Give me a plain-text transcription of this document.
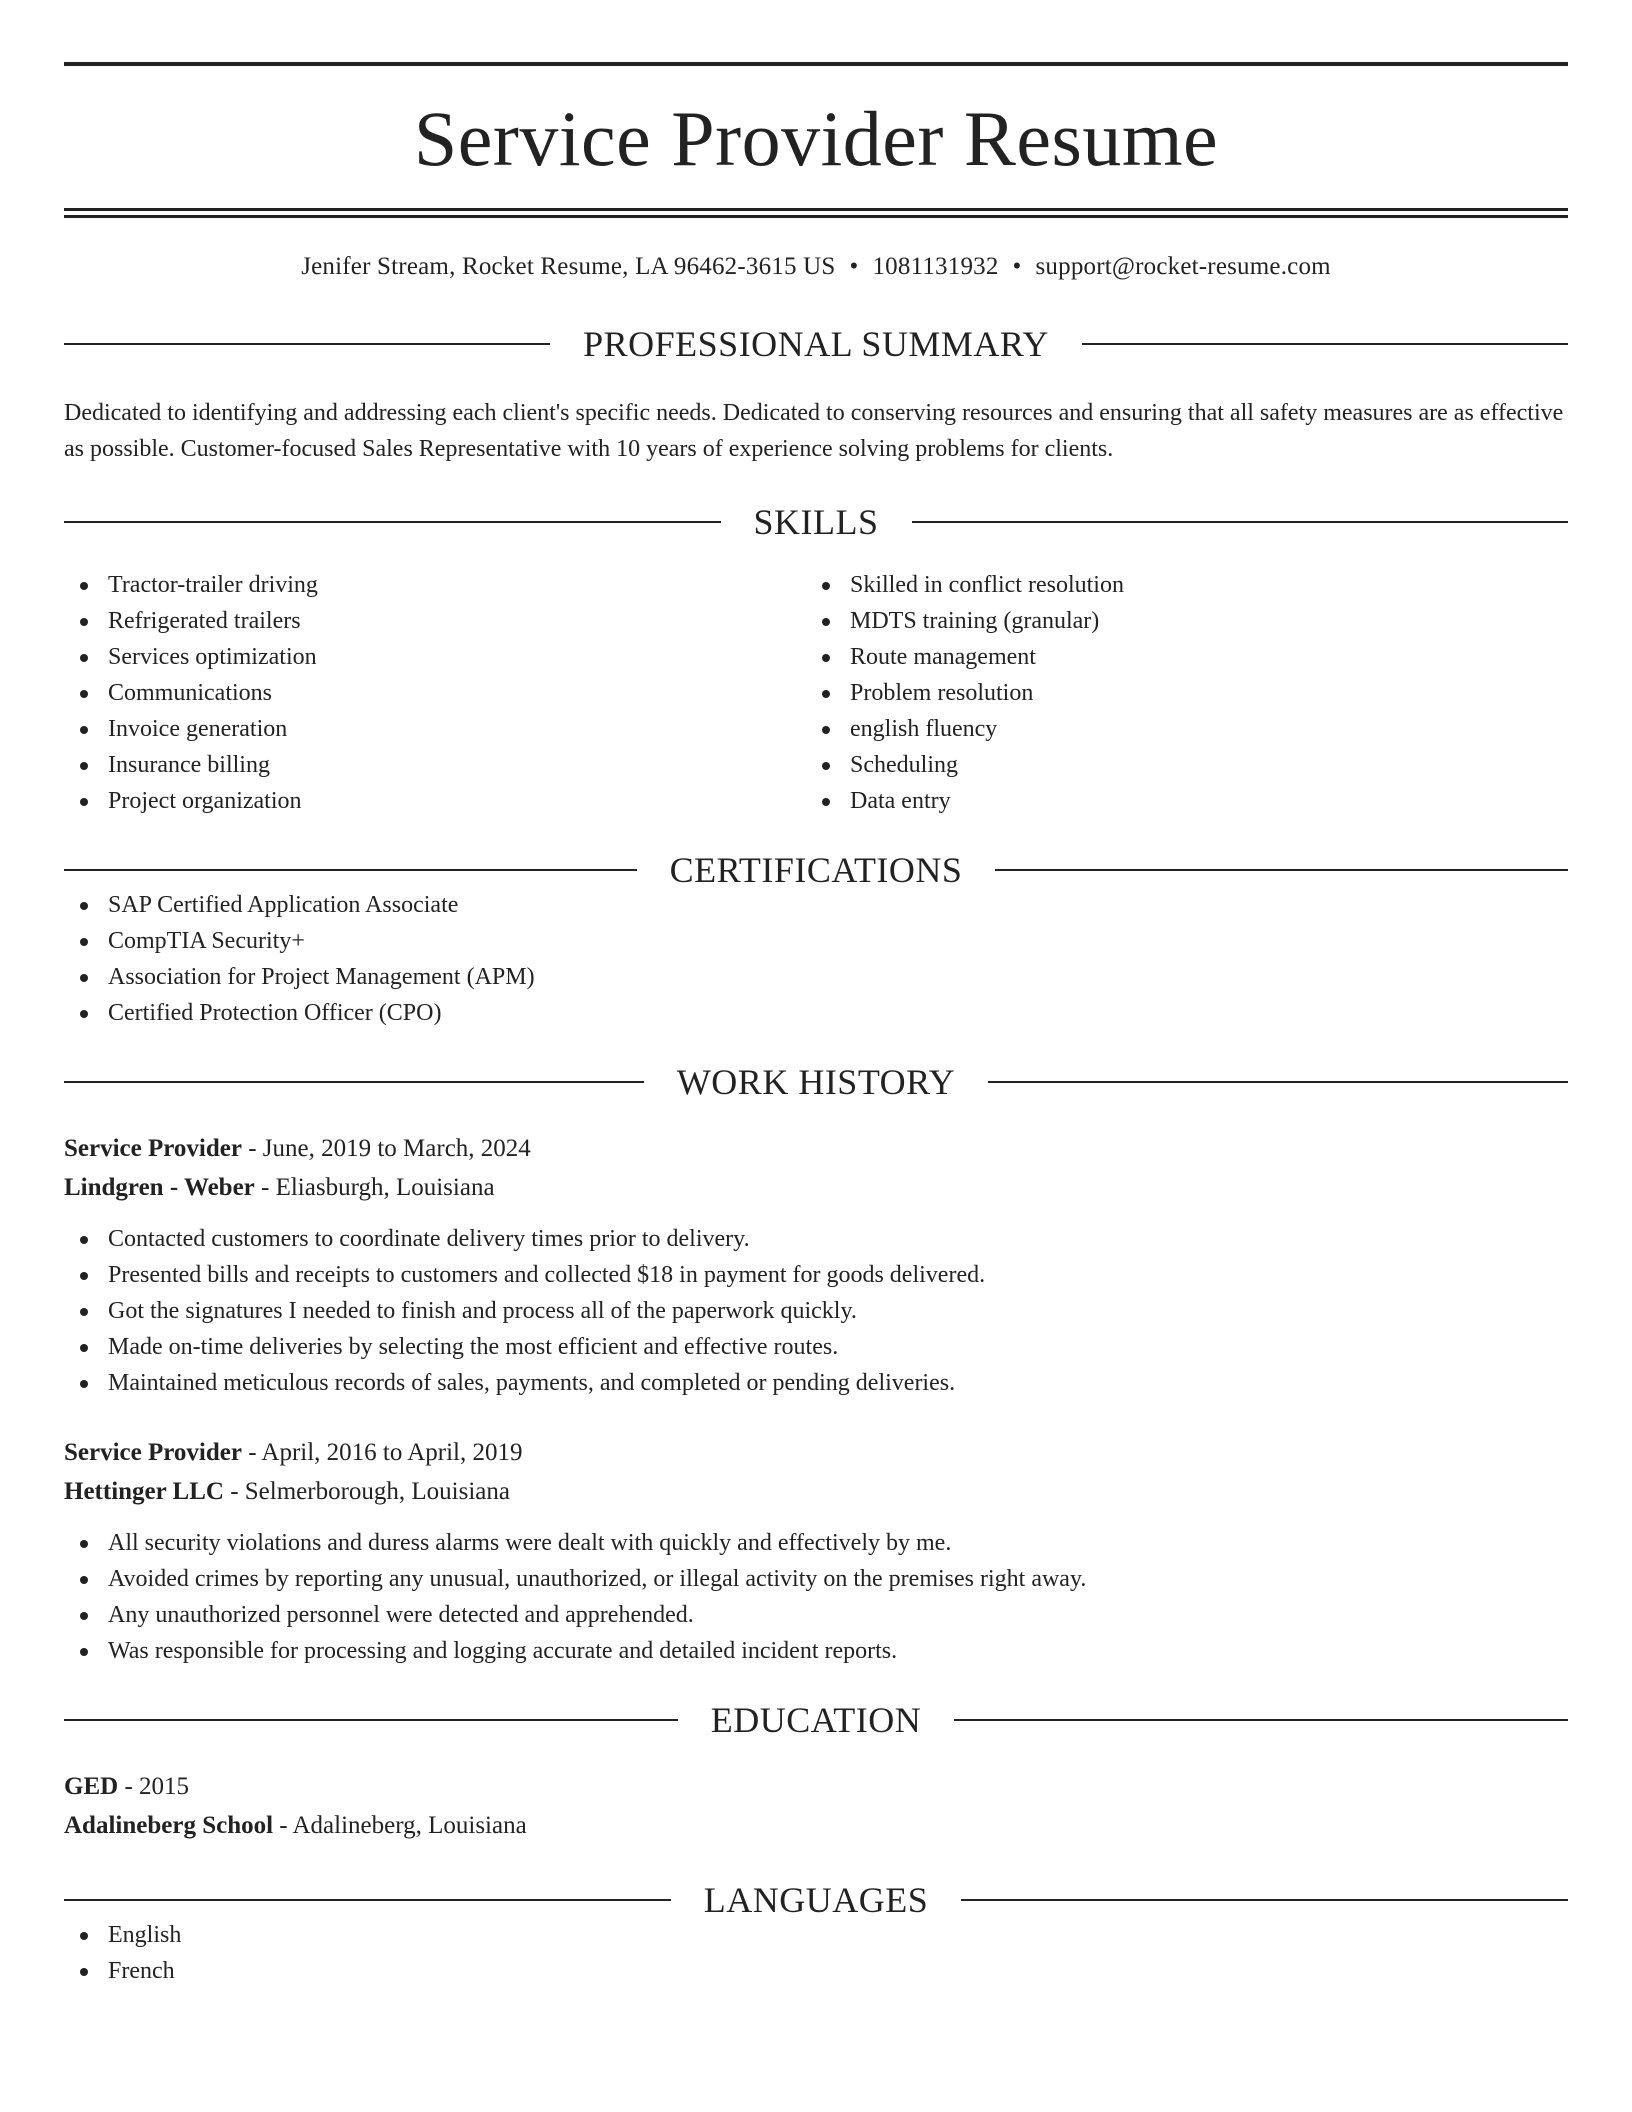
Service Provider Resume
Jenifer Stream, Rocket Resume, LA 96462-3615 US • 1081131932 • support@rocket-resume.com
PROFESSIONAL SUMMARY

Dedicated to identifying and addressing each client's specific needs. Dedicated to conserving resources and ensuring that all safety measures are as effective as possible. Customer-focused Sales Representative with 10 years of experience solving problems for clients.

SKILLS
Tractor-trailer driving
Refrigerated trailers
Services optimization
Communications
Invoice generation
Insurance billing
Project organization
Skilled in conflict resolution
MDTS training (granular)
Route management
Problem resolution
english fluency
Scheduling
Data entry
CERTIFICATIONS
SAP Certified Application Associate
CompTIA Security+
Association for Project Management (APM)
Certified Protection Officer (CPO)
WORK HISTORY
Service Provider - June, 2019 to March, 2024
Lindgren - Weber - Eliasburgh, Louisiana
Contacted customers to coordinate delivery times prior to delivery.
Presented bills and receipts to customers and collected $18 in payment for goods delivered.
Got the signatures I needed to finish and process all of the paperwork quickly.
Made on-time deliveries by selecting the most efficient and effective routes.
Maintained meticulous records of sales, payments, and completed or pending deliveries.
Service Provider - April, 2016 to April, 2019
Hettinger LLC - Selmerborough, Louisiana
All security violations and duress alarms were dealt with quickly and effectively by me.
Avoided crimes by reporting any unusual, unauthorized, or illegal activity on the premises right away.
Any unauthorized personnel were detected and apprehended.
Was responsible for processing and logging accurate and detailed incident reports.
EDUCATION
GED - 2015
Adalineberg School - Adalineberg, Louisiana
LANGUAGES
English
French
